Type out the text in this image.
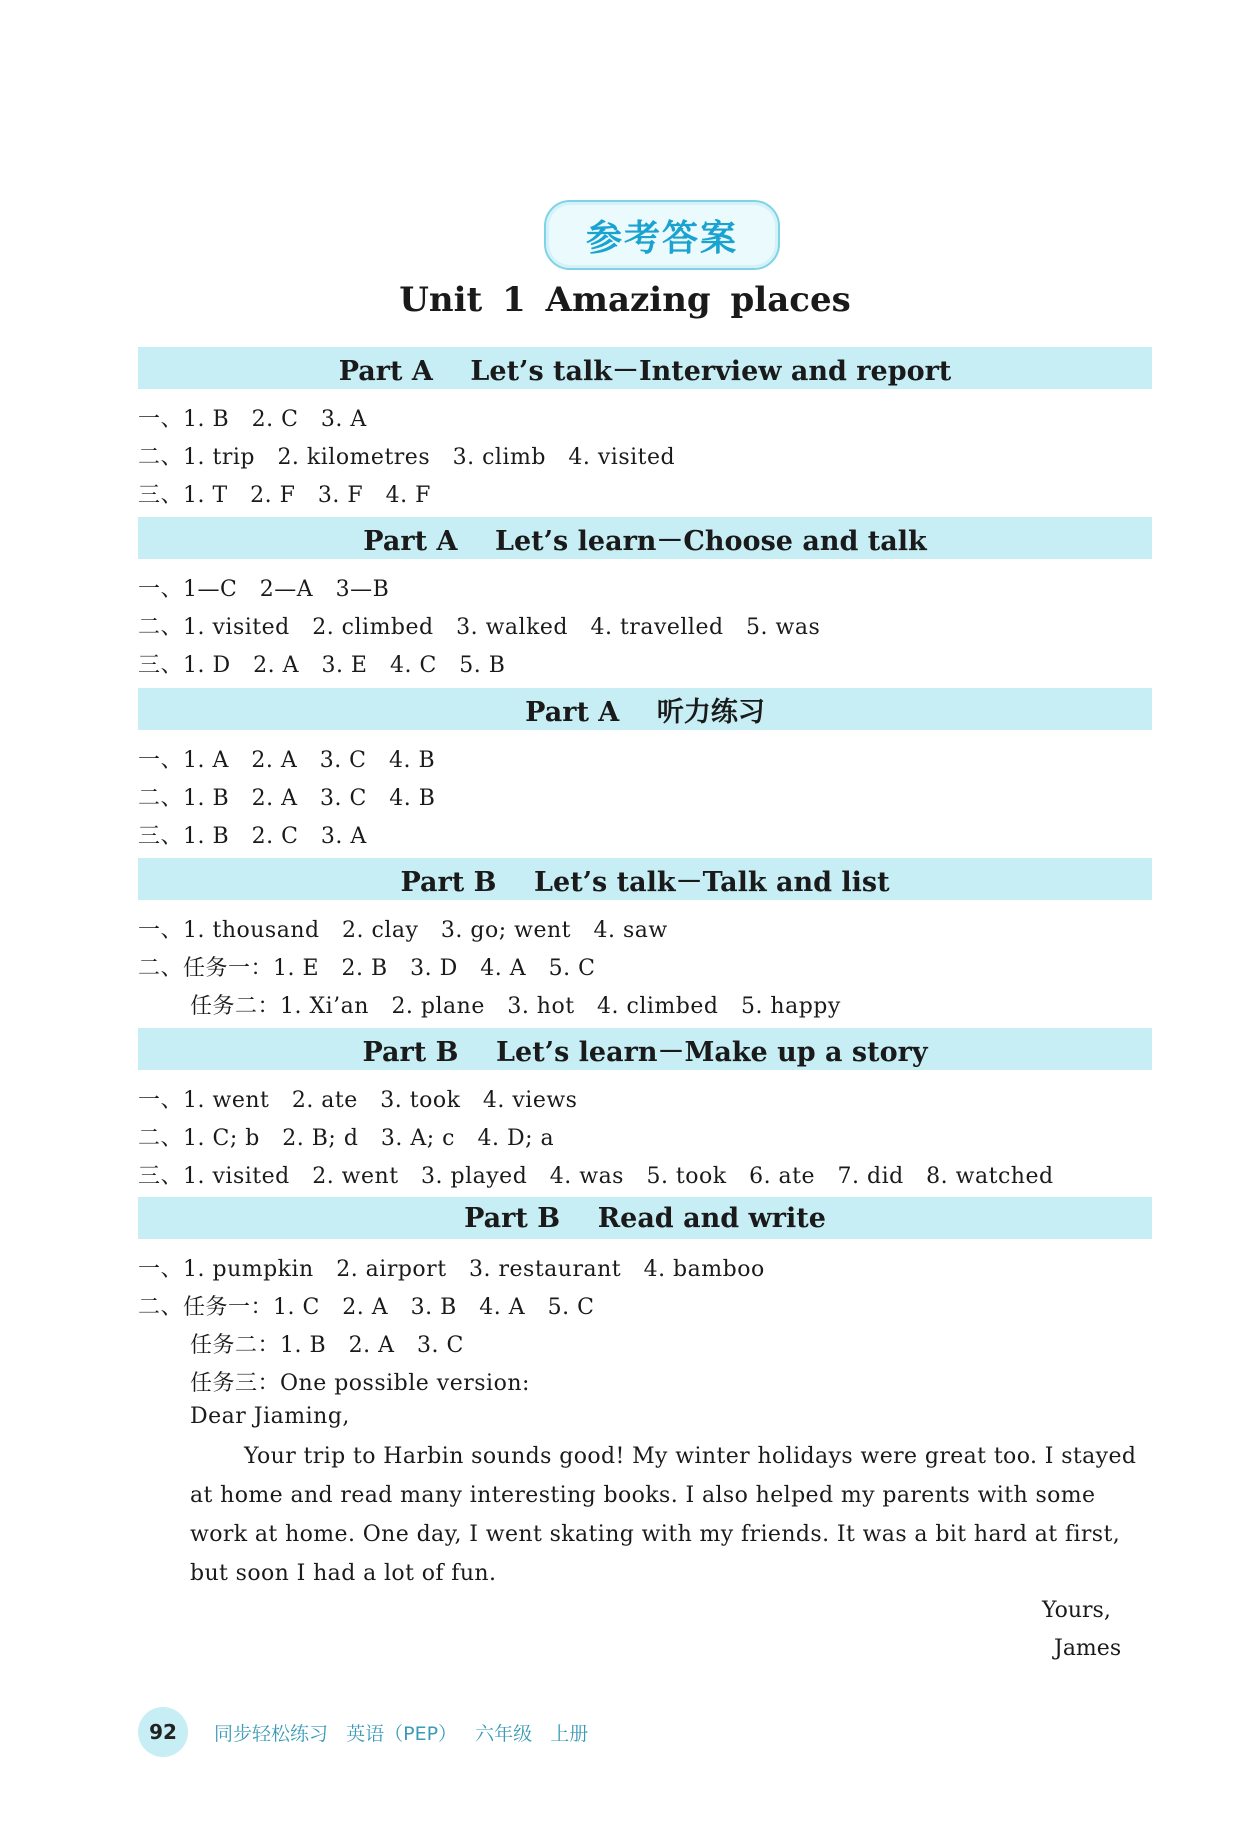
参考答案
Unit 1 Amazing places
Part A    Let’s talk－Interview and report
一、1. B   2. C   3. A
二、1. trip   2. kilometres   3. climb   4. visited
三、1. T   2. F   3. F   4. F
Part A    Let’s learn－Choose and talk
一、1—C   2—A   3—B
二、1. visited   2. climbed   3. walked   4. travelled   5. was
三、1. D   2. A   3. E   4. C   5. B
Part A    听力练习
一、1. A   2. A   3. C   4. B
二、1. B   2. A   3. C   4. B
三、1. B   2. C   3. A
Part B    Let’s talk－Talk and list
一、1. thousand   2. clay   3. go; went   4. saw
二、任务一：1. E   2. B   3. D   4. A   5. C
任务二：1. Xi’an   2. plane   3. hot   4. climbed   5. happy
Part B    Let’s learn－Make up a story
一、1. went   2. ate   3. took   4. views
二、1. C; b   2. B; d   3. A; c   4. D; a
三、1. visited   2. went   3. played   4. was   5. took   6. ate   7. did   8. watched
Part B    Read and write
一、1. pumpkin   2. airport   3. restaurant   4. bamboo
二、任务一：1. C   2. A   3. B   4. A   5. C
任务二：1. B   2. A   3. C
任务三：One possible version:
Dear Jiaming,
Your trip to Harbin sounds good! My winter holidays were great too. I stayed at home and read many interesting books. I also helped my parents with some work at home. One day, I went skating with my friends. It was a bit hard at first, but soon I had a lot of fun.
Yours,
James
92	同步轻松练习   英语（PEP）   六年级   上册
